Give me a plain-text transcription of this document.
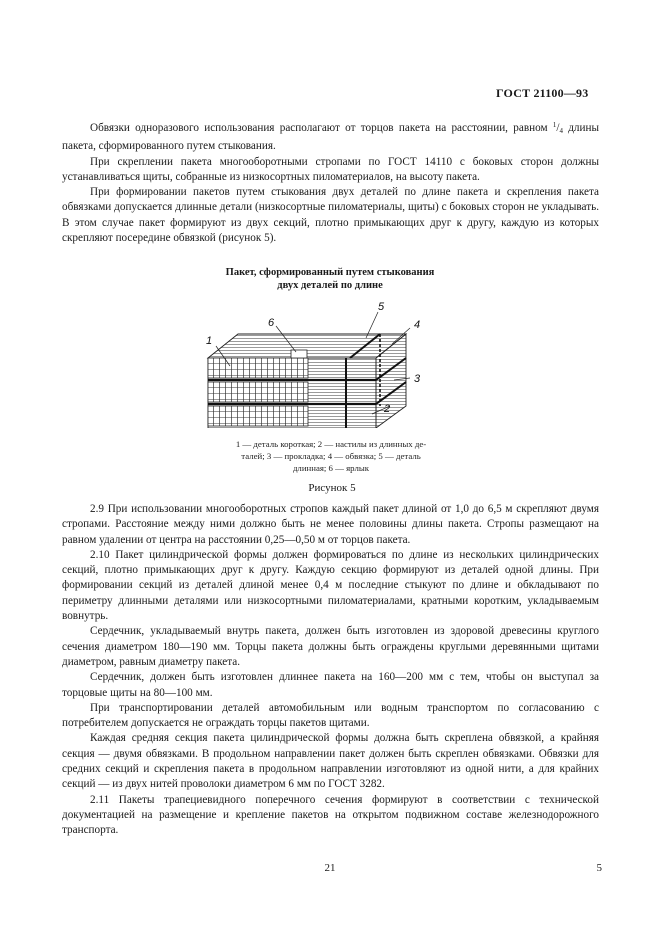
ГОСТ 21100—93

Обвязки одноразового использования располагают от торцов пакета на расстоянии, равном $^1$/4 длины пакета, сформированного путем стыкования.

При скреплении пакета многооборотными стропами по ГОСТ 14110 с боковых сторон должны устанавливаться щиты, собранные из низкосортных пиломатериалов, на высоту пакета.

При формировании пакетов путем стыкования двух деталей по длине пакета и скрепления пакета обвязками допускается длинные детали (низкосортные пиломатериалы, щиты) с боковых сторон не укладывать. В этом случае пакет формируют из двух секций, плотно примыкающих друг к другу, каждую из которых скрепляют посередине обвязкой (рисунок 5).

Пакет, сформированный путем стыкования
двух деталей по длине
1
2
3
4
5
6
1 — деталь короткая; 2 — настилы из длинных де-
талей; 3 — прокладка; 4 — обвязка; 5 — деталь
длинная; 6 — ярлык
Рисунок 5

2.9 При использовании многооборотных стропов каждый пакет длиной от 1,0 до 6,5 м скрепляют двумя стропами. Расстояние между ними должно быть не менее половины длины пакета. Стропы размещают на равном удалении от центра на расстоянии 0,25—0,50 м от торцов пакета.

2.10 Пакет цилиндрической формы должен формироваться по длине из нескольких цилиндрических секций, плотно примыкающих друг к другу. Каждую секцию формируют из деталей одной длины. При формировании секций из деталей длиной менее 0,4 м последние стыкуют по длине и обкладывают по периметру длинными деталями или низкосортными пиломатериалами, кратными коротким, укладываемым вовнутрь.

Сердечник, укладываемый внутрь пакета, должен быть изготовлен из здоровой древесины круглого сечения диаметром 180—190 мм. Торцы пакета должны быть ограждены круглыми деревянными щитами диаметром, равным диаметру пакета.

Сердечник, должен быть изготовлен длиннее пакета на 160—200 мм с тем, чтобы он выступал за торцовые щиты на 80—100 мм.

При транспортировании деталей автомобильным или водным транспортом по согласованию с потребителем допускается не ограждать торцы пакетов щитами.

Каждая средняя секция пакета цилиндрической формы должна быть скреплена обвязкой, а крайняя секция — двумя обвязками. В продольном направлении пакет должен быть скреплен обвязками. Обвязки для средних секций и скрепления пакета в продольном направлении изготовляют из одной нити, а для крайних секций — из двух нитей проволоки диаметром 6 мм по ГОСТ 3282.

2.11 Пакеты трапециевидного поперечного сечения формируют в соответствии с технической документацией на размещение и крепление пакетов на открытом подвижном составе железнодорожного транспорта.

21	5
